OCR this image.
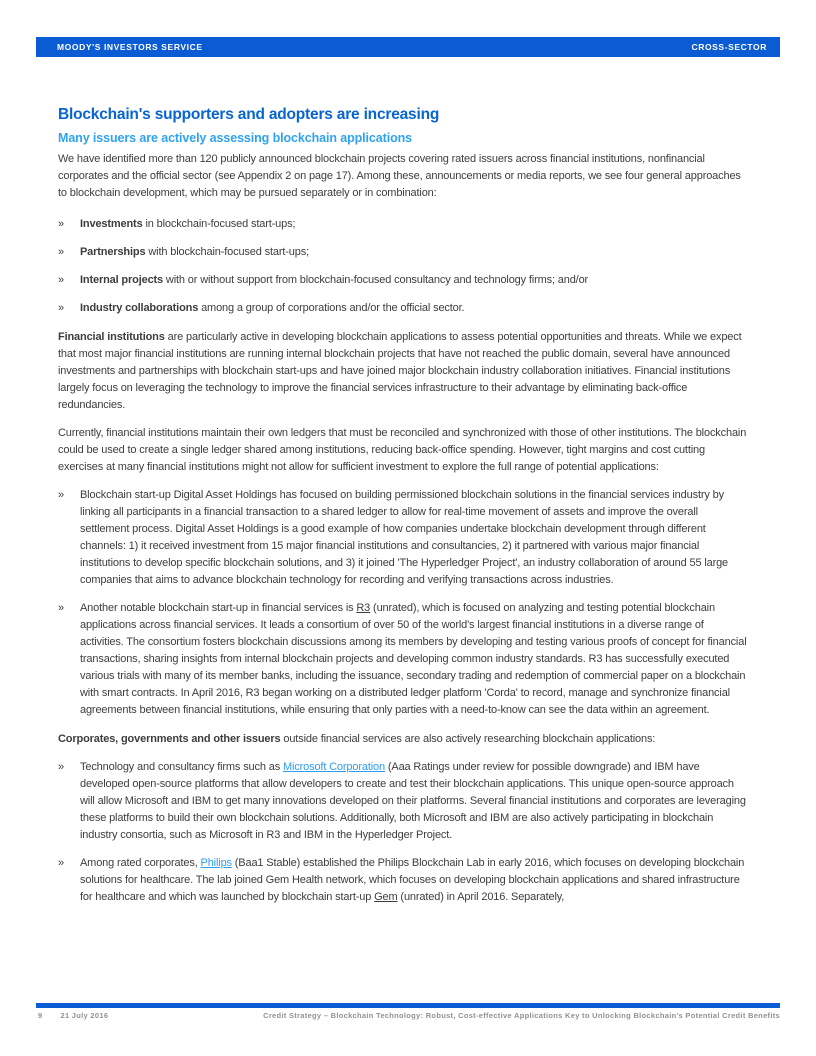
MOODY'S INVESTORS SERVICE	CROSS-SECTOR
Blockchain's supporters and adopters are increasing
Many issuers are actively assessing blockchain applications

We have identified more than 120 publicly announced blockchain projects covering rated issuers across financial institutions, nonfinancial corporates and the official sector (see Appendix 2 on page 17). Among these, announcements or media reports, we see four general approaches to blockchain development, which may be pursued separately or in combination:

»	Investments in blockchain-focused start-ups;
»	Partnerships with blockchain-focused start-ups;
»	Internal projects with or without support from blockchain-focused consultancy and technology firms; and/or
»	Industry collaborations among a group of corporations and/or the official sector.

Financial institutions are particularly active in developing blockchain applications to assess potential opportunities and threats. While we expect that most major financial institutions are running internal blockchain projects that have not reached the public domain, several have announced investments and partnerships with blockchain start-ups and have joined major blockchain industry collaboration initiatives. Financial institutions largely focus on leveraging the technology to improve the financial services infrastructure to their advantage by eliminating back-office redundancies.

Currently, financial institutions maintain their own ledgers that must be reconciled and synchronized with those of other institutions. The blockchain could be used to create a single ledger shared among institutions, reducing back-office spending. However, tight margins and cost cutting exercises at many financial institutions might not allow for sufficient investment to explore the full range of potential applications:

»	Blockchain start-up Digital Asset Holdings has focused on building permissioned blockchain solutions in the financial services industry by linking all participants in a financial transaction to a shared ledger to allow for real-time movement of assets and improve the overall settlement process. Digital Asset Holdings is a good example of how companies undertake blockchain development through different channels: 1) it received investment from 15 major financial institutions and consultancies, 2) it partnered with various major financial institutions to develop specific blockchain solutions, and 3) it joined 'The Hyperledger Project', an industry collaboration of around 55 large companies that aims to advance blockchain technology for recording and verifying transactions across industries.
»	Another notable blockchain start-up in financial services is R3 (unrated), which is focused on analyzing and testing potential blockchain applications across financial services. It leads a consortium of over 50 of the world's largest financial institutions in a diverse range of activities. The consortium fosters blockchain discussions among its members by developing and testing various proofs of concept for financial transactions, sharing insights from internal blockchain projects and developing common industry standards. R3 has successfully executed various trials with many of its member banks, including the issuance, secondary trading and redemption of commercial paper on a blockchain with smart contracts. In April 2016, R3 began working on a distributed ledger platform 'Corda' to record, manage and synchronize financial agreements between financial institutions, while ensuring that only parties with a need-to-know can see the data within an agreement.

Corporates, governments and other issuers outside financial services are also actively researching blockchain applications:

»	Technology and consultancy firms such as Microsoft Corporation (Aaa Ratings under review for possible downgrade) and IBM have developed open-source platforms that allow developers to create and test their blockchain applications. This unique open-source approach will allow Microsoft and IBM to get many innovations developed on their platforms. Several financial institutions and corporates are leveraging these platforms to build their own blockchain solutions. Additionally, both Microsoft and IBM are also actively participating in blockchain industry consortia, such as Microsoft in R3 and IBM in the Hyperledger Project.
»	Among rated corporates, Philips (Baa1 Stable) established the Philips Blockchain Lab in early 2016, which focuses on developing blockchain solutions for healthcare. The lab joined Gem Health network, which focuses on developing blockchain applications and shared infrastructure for healthcare and which was launched by blockchain start-up Gem (unrated) in April 2016. Separately,
9 21 July 2016	Credit Strategy – Blockchain Technology: Robust, Cost-effective Applications Key to Unlocking Blockchain's Potential Credit Benefits
